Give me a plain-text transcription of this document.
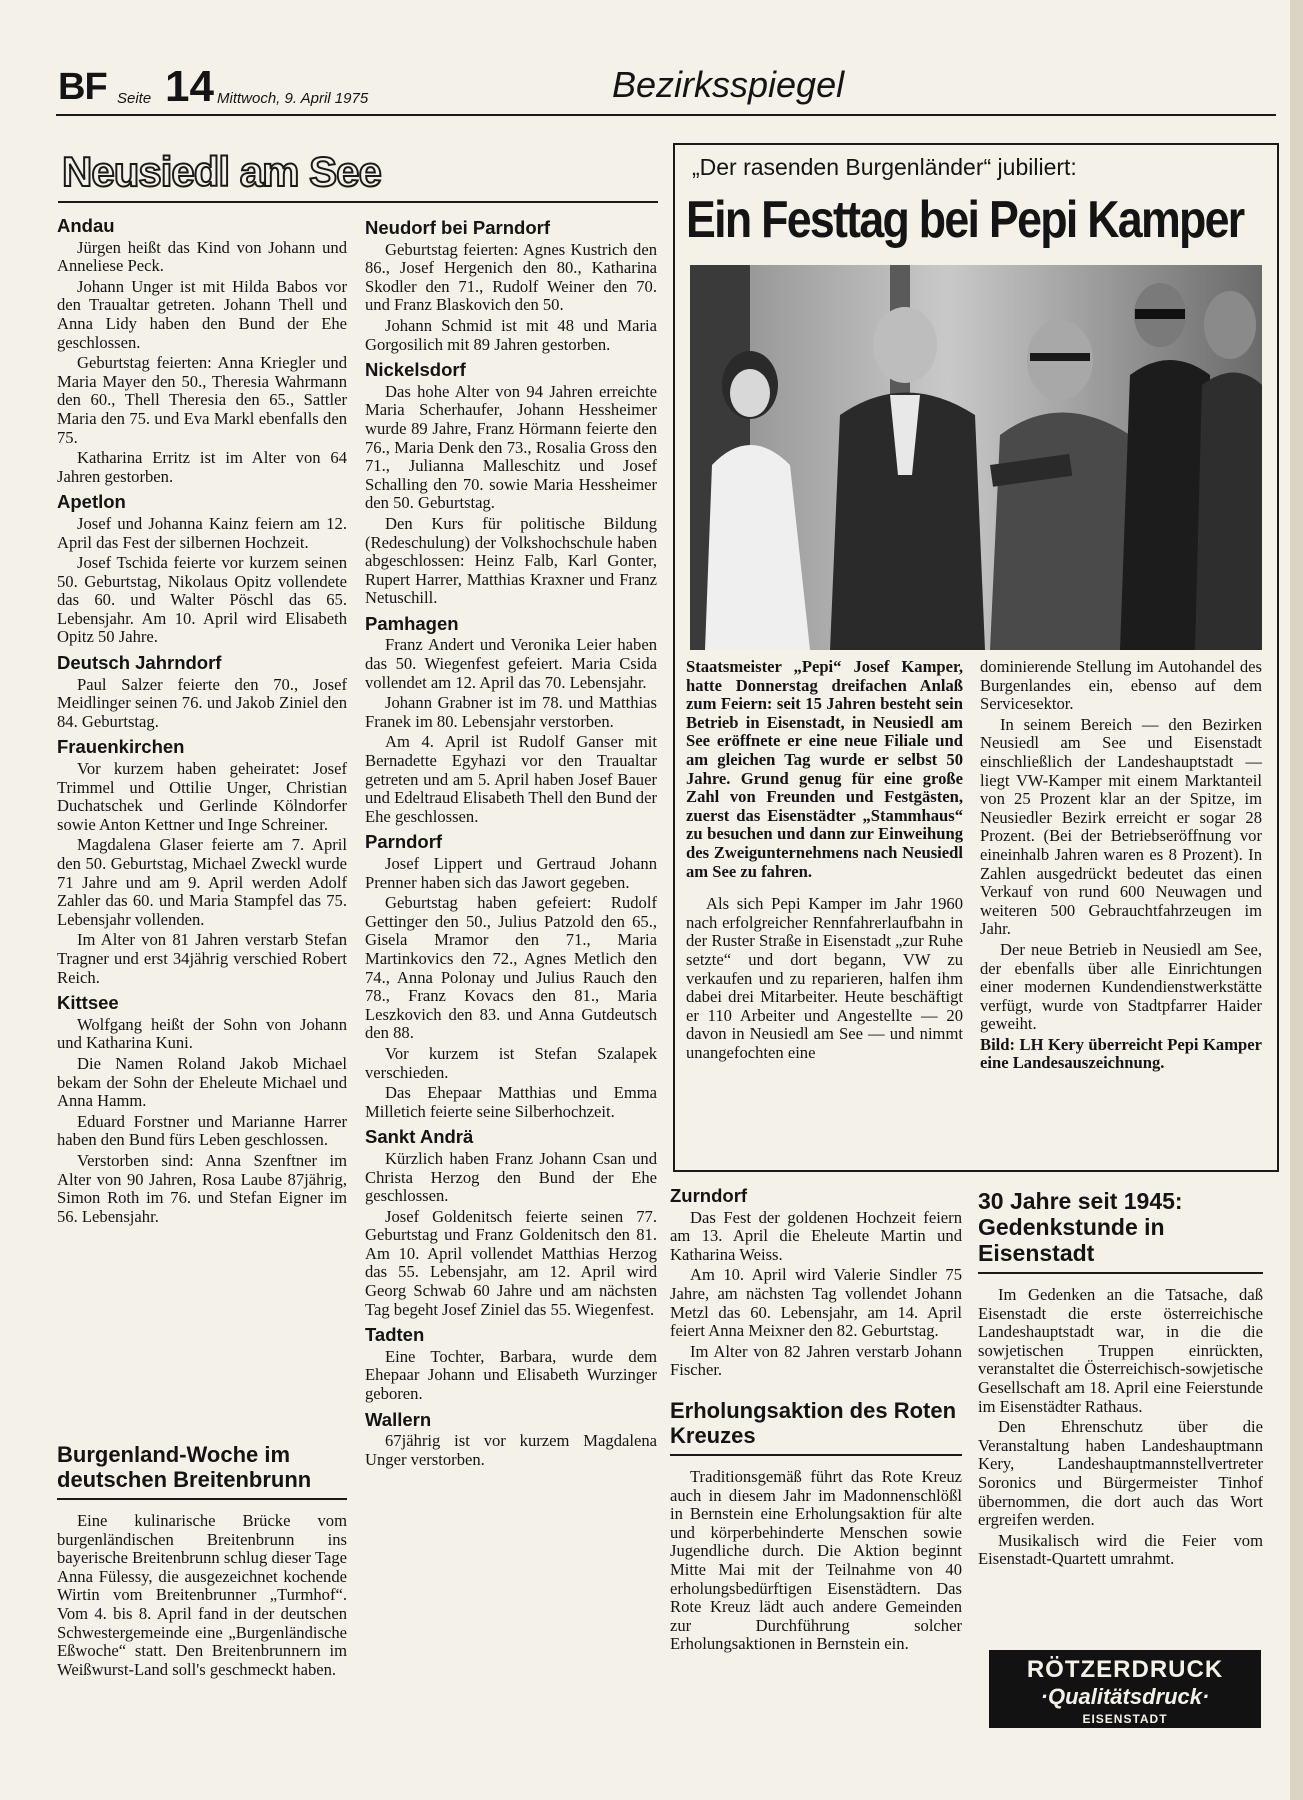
BF Seite 14 Mittwoch, 9. April 1975	Bezirksspiegel
Neusiedl am See
Andau

Jürgen heißt das Kind von Johann und Anneliese Peck.

Johann Unger ist mit Hilda Babos vor den Traualtar getreten. Johann Thell und Anna Lidy haben den Bund der Ehe geschlossen.

Geburtstag feierten: Anna Kriegler und Maria Mayer den 50., Theresia Wahrmann den 60., Thell Theresia den 65., Sattler Maria den 75. und Eva Markl ebenfalls den 75.

Katharina Erritz ist im Alter von 64 Jahren gestorben.

Apetlon

Josef und Johanna Kainz feiern am 12. April das Fest der silbernen Hochzeit.

Josef Tschida feierte vor kurzem seinen 50. Geburtstag, Nikolaus Opitz vollendete das 60. und Walter Pöschl das 65. Lebensjahr. Am 10. April wird Elisabeth Opitz 50 Jahre.

Deutsch Jahrndorf

Paul Salzer feierte den 70., Josef Meidlinger seinen 76. und Jakob Ziniel den 84. Geburtstag.

Frauenkirchen

Vor kurzem haben geheiratet: Josef Trimmel und Ottilie Unger, Christian Duchatschek und Gerlinde Kölndorfer sowie Anton Kettner und Inge Schreiner.

Magdalena Glaser feierte am 7. April den 50. Geburtstag, Michael Zweckl wurde 71 Jahre und am 9. April werden Adolf Zahler das 60. und Maria Stampfel das 75. Lebensjahr vollenden.

Im Alter von 81 Jahren verstarb Stefan Tragner und erst 34jährig verschied Robert Reich.

Kittsee

Wolfgang heißt der Sohn von Johann und Katharina Kuni.

Die Namen Roland Jakob Michael bekam der Sohn der Eheleute Michael und Anna Hamm.

Eduard Forstner und Marianne Harrer haben den Bund fürs Leben geschlossen.

Verstorben sind: Anna Szenftner im Alter von 90 Jahren, Rosa Laube 87jährig, Simon Roth im 76. und Stefan Eigner im 56. Lebensjahr.

Burgenland-Woche im deutschen Breitenbrunn

Eine kulinarische Brücke vom burgenländischen Breitenbrunn ins bayerische Breitenbrunn schlug dieser Tage Anna Fülessy, die ausgezeichnet kochende Wirtin vom Breitenbrunner „Turmhof“. Vom 4. bis 8. April fand in der deutschen Schwestergemeinde eine „Burgenländische Eßwoche“ statt. Den Breitenbrunnern im Weißwurst-Land soll's geschmeckt haben.

Neudorf bei Parndorf

Geburtstag feierten: Agnes Kustrich den 86., Josef Hergenich den 80., Katharina Skodler den 71., Rudolf Weiner den 70. und Franz Blaskovich den 50.

Johann Schmid ist mit 48 und Maria Gorgosilich mit 89 Jahren gestorben.

Nickelsdorf

Das hohe Alter von 94 Jahren erreichte Maria Scherhaufer, Johann Hessheimer wurde 89 Jahre, Franz Hörmann feierte den 76., Maria Denk den 73., Rosalia Gross den 71., Julianna Malleschitz und Josef Schalling den 70. sowie Maria Hessheimer den 50. Geburtstag.

Den Kurs für politische Bildung (Redeschulung) der Volkshochschule haben abgeschlossen: Heinz Falb, Karl Gonter, Rupert Harrer, Matthias Kraxner und Franz Netuschill.

Pamhagen

Franz Andert und Veronika Leier haben das 50. Wiegenfest gefeiert. Maria Csida vollendet am 12. April das 70. Lebensjahr.

Johann Grabner ist im 78. und Matthias Franek im 80. Lebensjahr verstorben.

Am 4. April ist Rudolf Ganser mit Bernadette Egyhazi vor den Traualtar getreten und am 5. April haben Josef Bauer und Edeltraud Elisabeth Thell den Bund der Ehe geschlossen.

Parndorf

Josef Lippert und Gertraud Johann Prenner haben sich das Jawort gegeben.

Geburtstag haben gefeiert: Rudolf Gettinger den 50., Julius Patzold den 65., Gisela Mramor den 71., Maria Martinkovics den 72., Agnes Metlich den 74., Anna Polonay und Julius Rauch den 78., Franz Kovacs den 81., Maria Leszkovich den 83. und Anna Gutdeutsch den 88.

Vor kurzem ist Stefan Szalapek verschieden.

Das Ehepaar Matthias und Emma Milletich feierte seine Silberhochzeit.

Sankt Andrä

Kürzlich haben Franz Johann Csan und Christa Herzog den Bund der Ehe geschlossen.

Josef Goldenitsch feierte seinen 77. Geburtstag und Franz Goldenitsch den 81. Am 10. April vollendet Matthias Herzog das 55. Lebensjahr, am 12. April wird Georg Schwab 60 Jahre und am nächsten Tag begeht Josef Ziniel das 55. Wiegenfest.

Tadten

Eine Tochter, Barbara, wurde dem Ehepaar Johann und Elisabeth Wurzinger geboren.

Wallern

67jährig ist vor kurzem Magdalena Unger verstorben.

„Der rasenden Burgenländer“ jubiliert:
Ein Festtag bei Pepi Kamper

Staatsmeister „Pepi“ Josef Kamper, hatte Donnerstag dreifachen Anlaß zum Feiern: seit 15 Jahren besteht sein Betrieb in Eisenstadt, in Neusiedl am See eröffnete er eine neue Filiale und am gleichen Tag wurde er selbst 50 Jahre. Grund genug für eine große Zahl von Freunden und Festgästen, zuerst das Eisenstädter „Stammhaus“ zu besuchen und dann zur Einweihung des Zweigunternehmens nach Neusiedl am See zu fahren.

Als sich Pepi Kamper im Jahr 1960 nach erfolgreicher Rennfahrerlaufbahn in der Ruster Straße in Eisenstadt „zur Ruhe setzte“ und dort begann, VW zu verkaufen und zu reparieren, halfen ihm dabei drei Mitarbeiter. Heute beschäftigt er 110 Arbeiter und Angestellte — 20 davon in Neusiedl am See — und nimmt unangefochten eine

dominierende Stellung im Autohandel des Burgenlandes ein, ebenso auf dem Servicesektor.

In seinem Bereich — den Bezirken Neusiedl am See und Eisenstadt einschließlich der Landeshauptstadt — liegt VW-Kamper mit einem Marktanteil von 25 Prozent klar an der Spitze, im Neusiedler Bezirk erreicht er sogar 28 Prozent. (Bei der Betriebseröffnung vor eineinhalb Jahren waren es 8 Prozent). In Zahlen ausgedrückt bedeutet das einen Verkauf von rund 600 Neuwagen und weiteren 500 Gebrauchtfahrzeugen im Jahr.

Der neue Betrieb in Neusiedl am See, der ebenfalls über alle Einrichtungen einer modernen Kundendienstwerkstätte verfügt, wurde von Stadtpfarrer Haider geweiht.

Bild: LH Kery überreicht Pepi Kamper eine Landesauszeichnung.

Zurndorf

Das Fest der goldenen Hochzeit feiern am 13. April die Eheleute Martin und Katharina Weiss.

Am 10. April wird Valerie Sindler 75 Jahre, am nächsten Tag vollendet Johann Metzl das 60. Lebensjahr, am 14. April feiert Anna Meixner den 82. Geburtstag.

Im Alter von 82 Jahren verstarb Johann Fischer.

Erholungsaktion des Roten Kreuzes

Traditionsgemäß führt das Rote Kreuz auch in diesem Jahr im Madonnenschlößl in Bernstein eine Erholungsaktion für alte und körperbehinderte Menschen sowie Jugendliche durch. Die Aktion beginnt Mitte Mai mit der Teilnahme von 40 erholungsbedürftigen Eisenstädtern. Das Rote Kreuz lädt auch andere Gemeinden zur Durchführung solcher Erholungsaktionen in Bernstein ein.

30 Jahre seit 1945: Gedenkstunde in Eisenstadt

Im Gedenken an die Tatsache, daß Eisenstadt die erste österreichische Landeshauptstadt war, in die die sowjetischen Truppen einrückten, veranstaltet die Österreichisch-sowjetische Gesellschaft am 18. April eine Feierstunde im Eisenstädter Rathaus.

Den Ehrenschutz über die Veranstaltung haben Landeshauptmann Kery, Landeshauptmannstellvertreter Soronics und Bürgermeister Tinhof übernommen, die dort auch das Wort ergreifen werden.

Musikalisch wird die Feier vom Eisenstadt-Quartett umrahmt.

RÖTZERDRUCK
·Qualitätsdruck·
EISENSTADT
